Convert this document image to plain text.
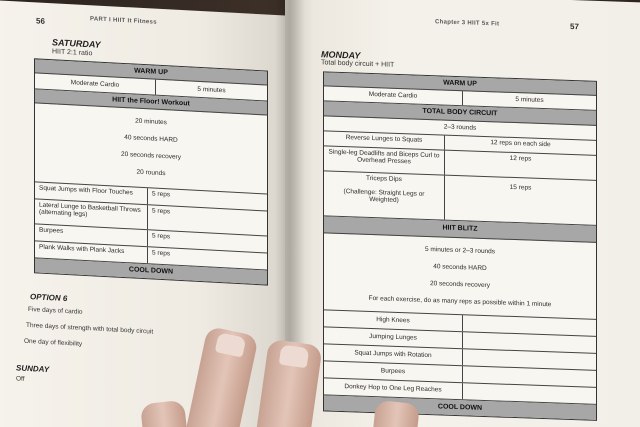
56	PART I HIIT It Fitness
SATURDAY
HIIT 2:1 ratio
WARM UP
Moderate Cardio
5 minutes
HIIT the Floor! Workout
20 minutes
40 seconds HARD
20 seconds recovery
20 rounds
Squat Jumps with Floor Touches	5 reps
Lateral Lunge to Basketball Throws (alternating legs)	5 reps
Burpees
5 reps
Plank Walks with Plank Jacks	5 reps
COOL DOWN
OPTION 6
Five days of cardio
Three days of strength with total body circuit
One day of flexibility
SUNDAY
Off
Chapter 3 HIIT 5x Fit	57
MONDAY
Total body circuit + HIIT
WARM UP
Moderate Cardio
5 minutes
TOTAL BODY CIRCUIT
2–3 rounds
Reverse Lunges to Squats	12 reps on each side
Single-leg Deadlifts and Biceps Curl to Overhead Presses	12 reps
Triceps Dips

(Challenge: Straight Legs or Weighted)
15 reps
HIIT BLITZ
5 minutes or 2–3 rounds
40 seconds HARD
20 seconds recovery
For each exercise, do as many reps as possible within 1 minute
High Knees
Jumping Lunges
Squat Jumps with Rotation
Burpees
Donkey Hop to One Leg Reaches
COOL DOWN
